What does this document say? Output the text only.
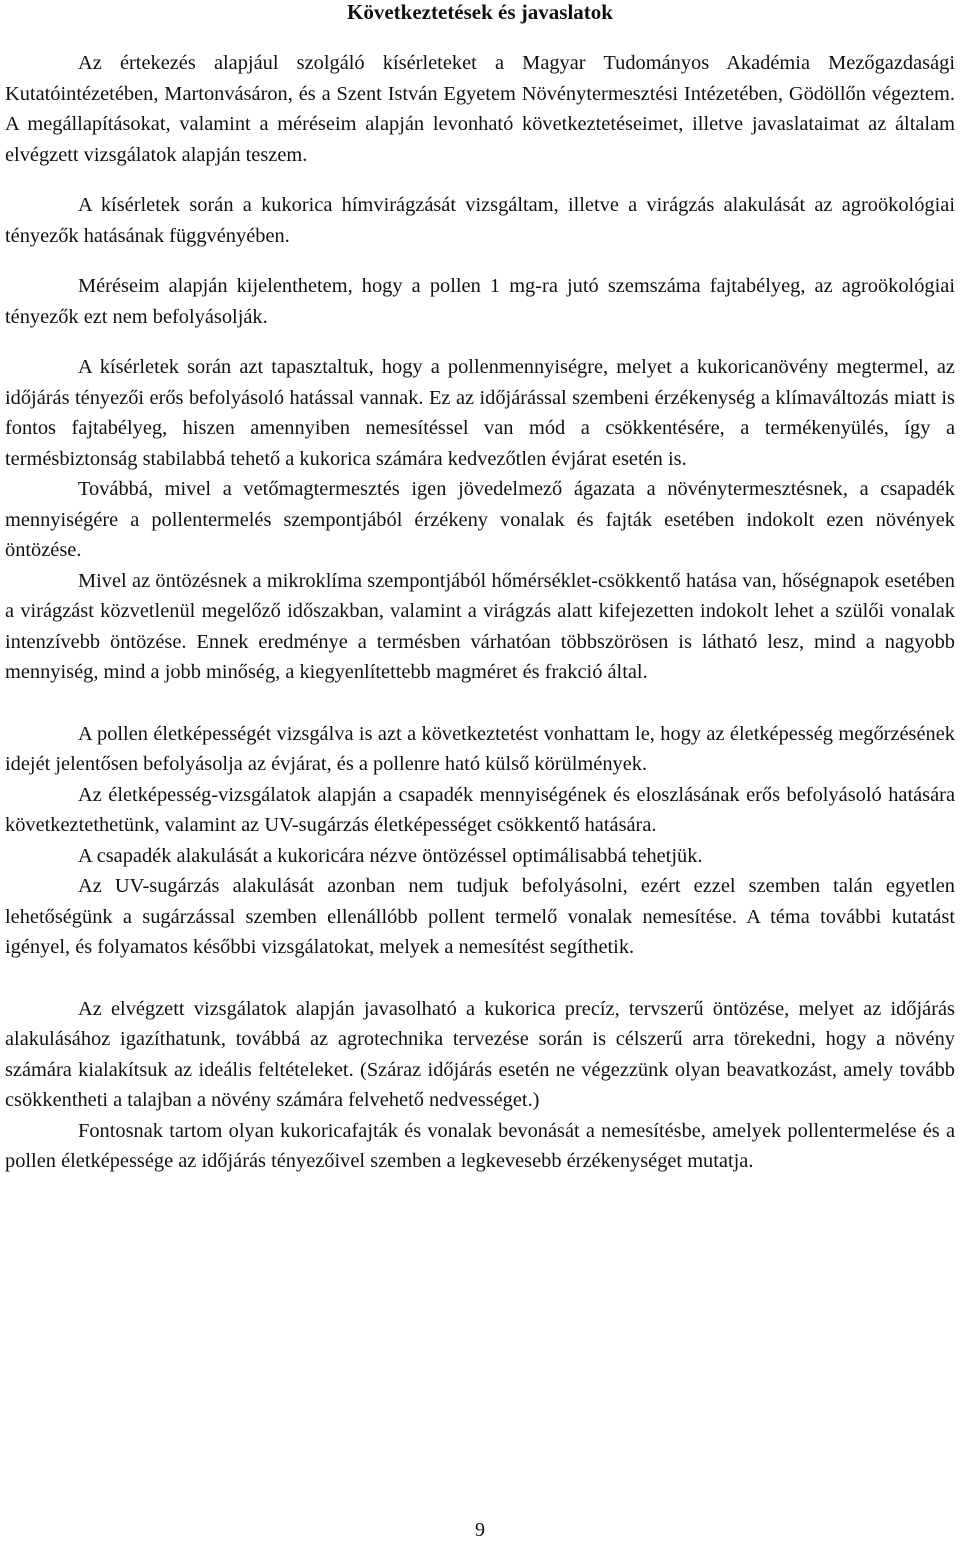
Következtetések és javaslatok

Az értekezés alapjául szolgáló kísérleteket a Magyar Tudományos Akadémia Mezőgazdasági Kutatóintézetében, Martonvásáron, és a Szent István Egyetem Növénytermesztési Intézetében, Gödöllőn végeztem. A megállapításokat, valamint a méréseim alapján levonható következtetéseimet, illetve javaslataimat az általam elvégzett vizsgálatok alapján teszem.

A kísérletek során a kukorica hímvirágzását vizsgáltam, illetve a virágzás alakulását az agroökológiai tényezők hatásának függvényében.

Méréseim alapján kijelenthetem, hogy a pollen 1 mg-ra jutó szemszáma fajtabélyeg, az agroökológiai tényezők ezt nem befolyásolják.

A kísérletek során azt tapasztaltuk, hogy a pollenmennyiségre, melyet a kukoricanövény megtermel, az időjárás tényezői erős befolyásoló hatással vannak. Ez az időjárással szembeni érzékenység a klímaváltozás miatt is fontos fajtabélyeg, hiszen amennyiben nemesítéssel van mód a csökkentésére, a termékenyülés, így a termésbiztonság stabilabbá tehető a kukorica számára kedvezőtlen évjárat esetén is.

Továbbá, mivel a vetőmagtermesztés igen jövedelmező ágazata a növénytermesztésnek, a csapadék mennyiségére a pollentermelés szempontjából érzékeny vonalak és fajták esetében indokolt ezen növények öntözése.

Mivel az öntözésnek a mikroklíma szempontjából hőmérséklet-csökkentő hatása van, hőségnapok esetében a virágzást közvetlenül megelőző időszakban, valamint a virágzás alatt kifejezetten indokolt lehet a szülői vonalak intenzívebb öntözése. Ennek eredménye a termésben várhatóan többszörösen is látható lesz, mind a nagyobb mennyiség, mind a jobb minőség, a kiegyenlítettebb magméret és frakció által.

A pollen életképességét vizsgálva is azt a következtetést vonhattam le, hogy az életképesség megőrzésének idejét jelentősen befolyásolja az évjárat, és a pollenre ható külső körülmények.

Az életképesség-vizsgálatok alapján a csapadék mennyiségének és eloszlásának erős befolyásoló hatására következtethetünk, valamint az UV-sugárzás életképességet csökkentő hatására.

A csapadék alakulását a kukoricára nézve öntözéssel optimálisabbá tehetjük.

Az UV-sugárzás alakulását azonban nem tudjuk befolyásolni, ezért ezzel szemben talán egyetlen lehetőségünk a sugárzással szemben ellenállóbb pollent termelő vonalak nemesítése. A téma további kutatást igényel, és folyamatos későbbi vizsgálatokat, melyek a nemesítést segíthetik.

Az elvégzett vizsgálatok alapján javasolható a kukorica precíz, tervszerű öntözése, melyet az időjárás alakulásához igazíthatunk, továbbá az agrotechnika tervezése során is célszerű arra törekedni, hogy a növény számára kialakítsuk az ideális feltételeket. (Száraz időjárás esetén ne végezzünk olyan beavatkozást, amely tovább csökkentheti a talajban a növény számára felvehető nedvességet.)

Fontosnak tartom olyan kukoricafajták és vonalak bevonását a nemesítésbe, amelyek pollentermelése és a pollen életképessége az időjárás tényezőivel szemben a legkevesebb érzékenységet mutatja.

9
